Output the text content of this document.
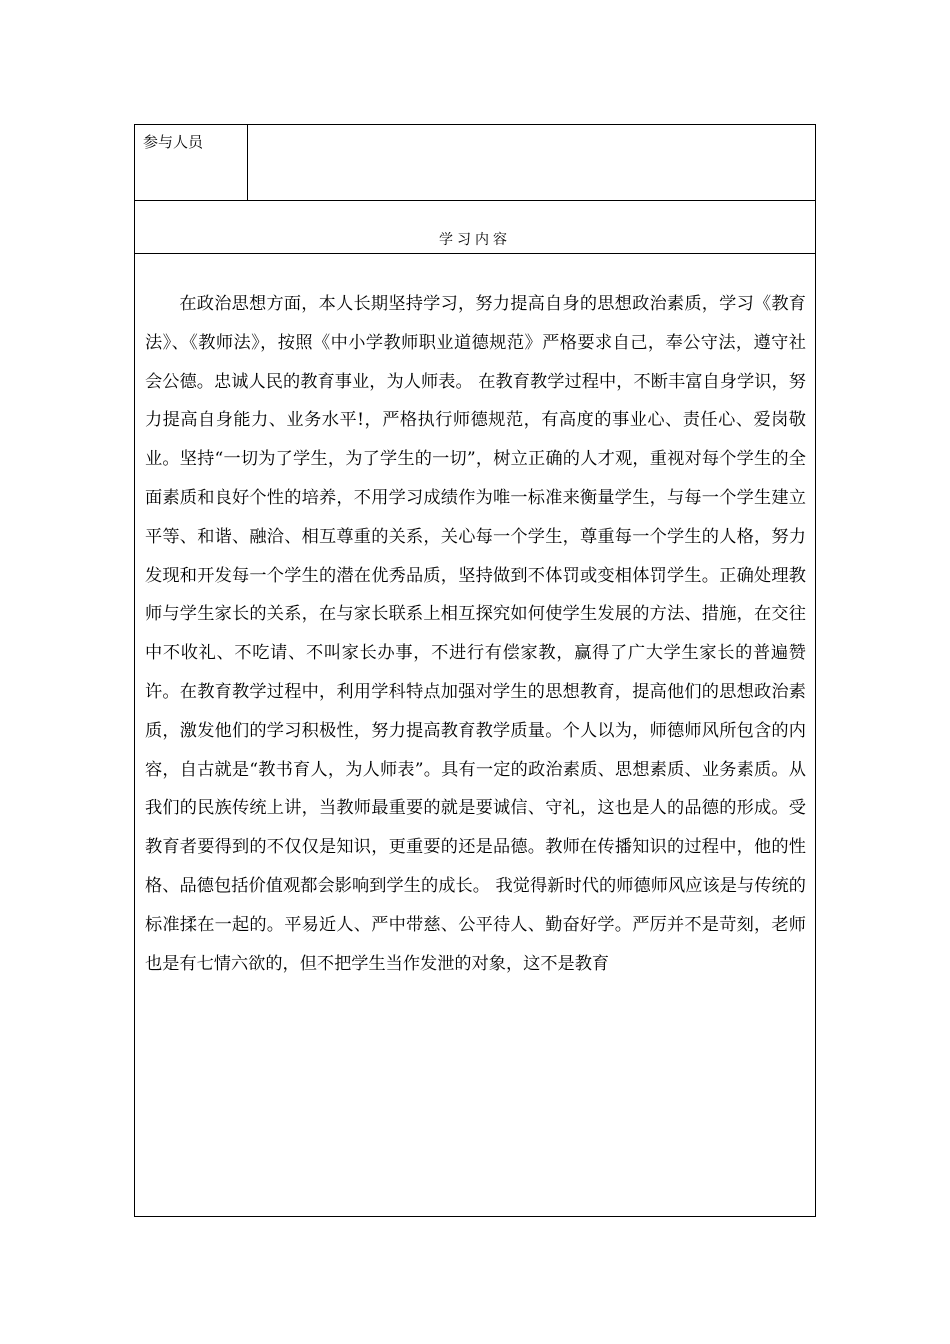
参与人员	
学习内容

在政治思想方面，本人长期坚持学习，努力提高自身的思想政治素质，学习《教育法》、《教师法》，按照《中小学教师职业道德规范》严格要求自己，奉公守法，遵守社会公德。忠诚人民的教育事业，为人师表。 在教育教学过程中，不断丰富自身学识，努力提高自身能力、业务水平!，严格执行师德规范，有高度的事业心、责任心、爱岗敬业。坚持“一切为了学生，为了学生的一切”，树立正确的人才观，重视对每个学生的全面素质和良好个性的培养，不用学习成绩作为唯一标准来衡量学生，与每一个学生建立平等、和谐、融洽、相互尊重的关系，关心每一个学生，尊重每一个学生的人格，努力发现和开发每一个学生的潜在优秀品质，坚持做到不体罚或变相体罚学生。正确处理教师与学生家长的关系，在与家长联系上相互探究如何使学生发展的方法、措施，在交往中不收礼、不吃请、不叫家长办事，不进行有偿家教，赢得了广大学生家长的普遍赞许。在教育教学过程中，利用学科特点加强对学生的思想教育，提高他们的思想政治素质，激发他们的学习积极性，努力提高教育教学质量。个人以为，师德师风所包含的内容，自古就是“教书育人，为人师表”。具有一定的政治素质、思想素质、业务素质。从我们的民族传统上讲，当教师最重要的就是要诚信、守礼，这也是人的品德的形成。受教育者要得到的不仅仅是知识，更重要的还是品德。教师在传播知识的过程中，他的性格、品德包括价值观都会影响到学生的成长。 我觉得新时代的师德师风应该是与传统的标准揉在一起的。平易近人、严中带慈、公平待人、勤奋好学。严厉并不是苛刻，老师也是有七情六欲的，但不把学生当作发泄的对象，这不是教育
